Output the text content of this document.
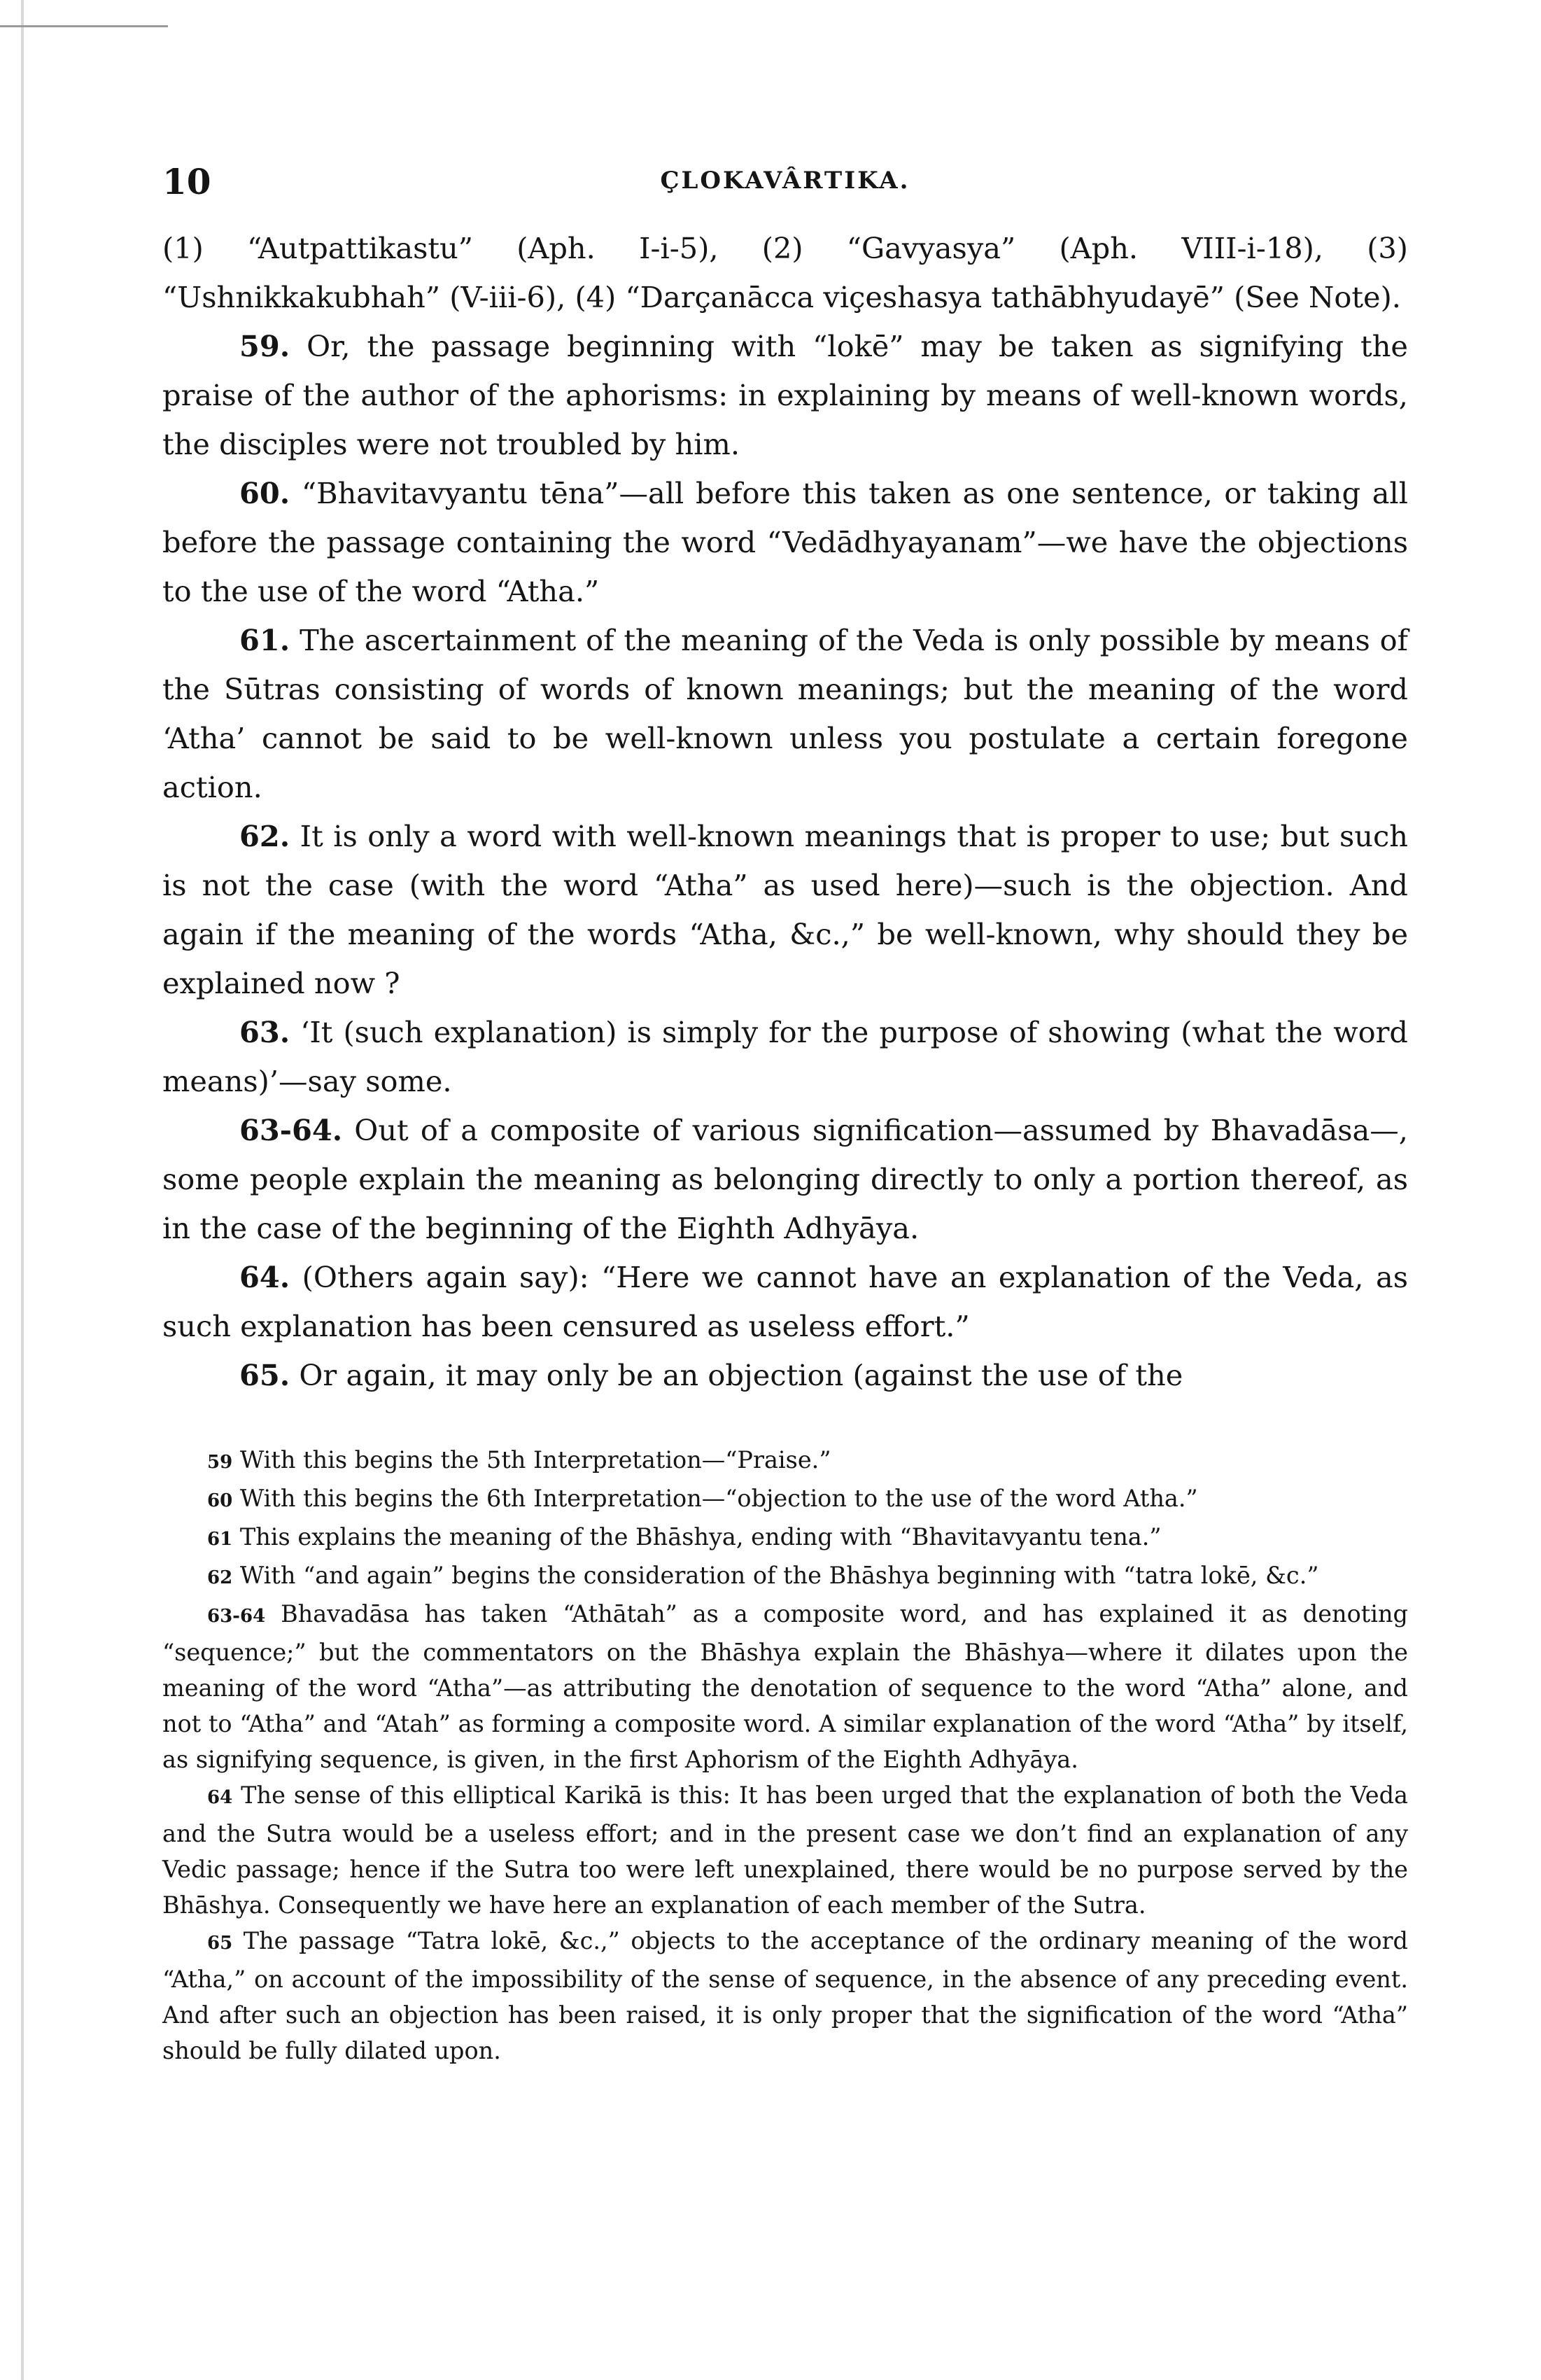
10	ÇLOKAVÂRTIKA.

(1) “Autpattikastu” (Aph. I-i-5), (2) “Gavyasya” (Aph. VIII-i-18), (3) “Ushnikkakubhah” (V-iii-6), (4) “Darçanācca viçeshasya tathābhyudayē” (See Note).

59. Or, the passage beginning with “lokē” may be taken as signifying the praise of the author of the aphorisms: in explaining by means of well-known words, the disciples were not troubled by him.

60. “Bhavitavyantu tēna”—all before this taken as one sentence, or taking all before the passage containing the word “Vedādhyayanam”—we have the objections to the use of the word “Atha.”

61. The ascertainment of the meaning of the Veda is only possible by means of the Sūtras consisting of words of known meanings; but the meaning of the word ‘Atha’ cannot be said to be well-known unless you postulate a certain foregone action.

62. It is only a word with well-known meanings that is proper to use; but such is not the case (with the word “Atha” as used here)—such is the objection. And again if the meaning of the words “Atha, &c.,” be well-known, why should they be explained now ?

63. ‘It (such explanation) is simply for the purpose of showing (what the word means)’—say some.

63-64. Out of a composite of various signification—assumed by Bhavadāsa—, some people explain the meaning as belonging directly to only a portion thereof, as in the case of the beginning of the Eighth Adhyāya.

64. (Others again say): “Here we cannot have an explanation of the Veda, as such explanation has been censured as useless effort.”

65. Or again, it may only be an objection (against the use of the

59 With this begins the 5th Interpretation—“Praise.”

60 With this begins the 6th Interpretation—“objection to the use of the word Atha.”

61 This explains the meaning of the Bhāshya, ending with “Bhavitavyantu tena.”

62 With “and again” begins the consideration of the Bhāshya beginning with “tatra lokē, &c.”

63-64 Bhavadāsa has taken “Athātah” as a composite word, and has explained it as denoting “sequence;” but the commentators on the Bhāshya explain the Bhāshya—where it dilates upon the meaning of the word “Atha”—as attributing the denotation of sequence to the word “Atha” alone, and not to “Atha” and “Atah” as forming a composite word. A similar explanation of the word “Atha” by itself, as signifying sequence, is given, in the first Aphorism of the Eighth Adhyāya.

64 The sense of this elliptical Karikā is this: It has been urged that the explanation of both the Veda and the Sutra would be a useless effort; and in the present case we don’t find an explanation of any Vedic passage; hence if the Sutra too were left unexplained, there would be no purpose served by the Bhāshya. Consequently we have here an explanation of each member of the Sutra.

65 The passage “Tatra lokē, &c.,” objects to the acceptance of the ordinary meaning of the word “Atha,” on account of the impossibility of the sense of sequence, in the absence of any preceding event. And after such an objection has been raised, it is only proper that the signification of the word “Atha” should be fully dilated upon.
